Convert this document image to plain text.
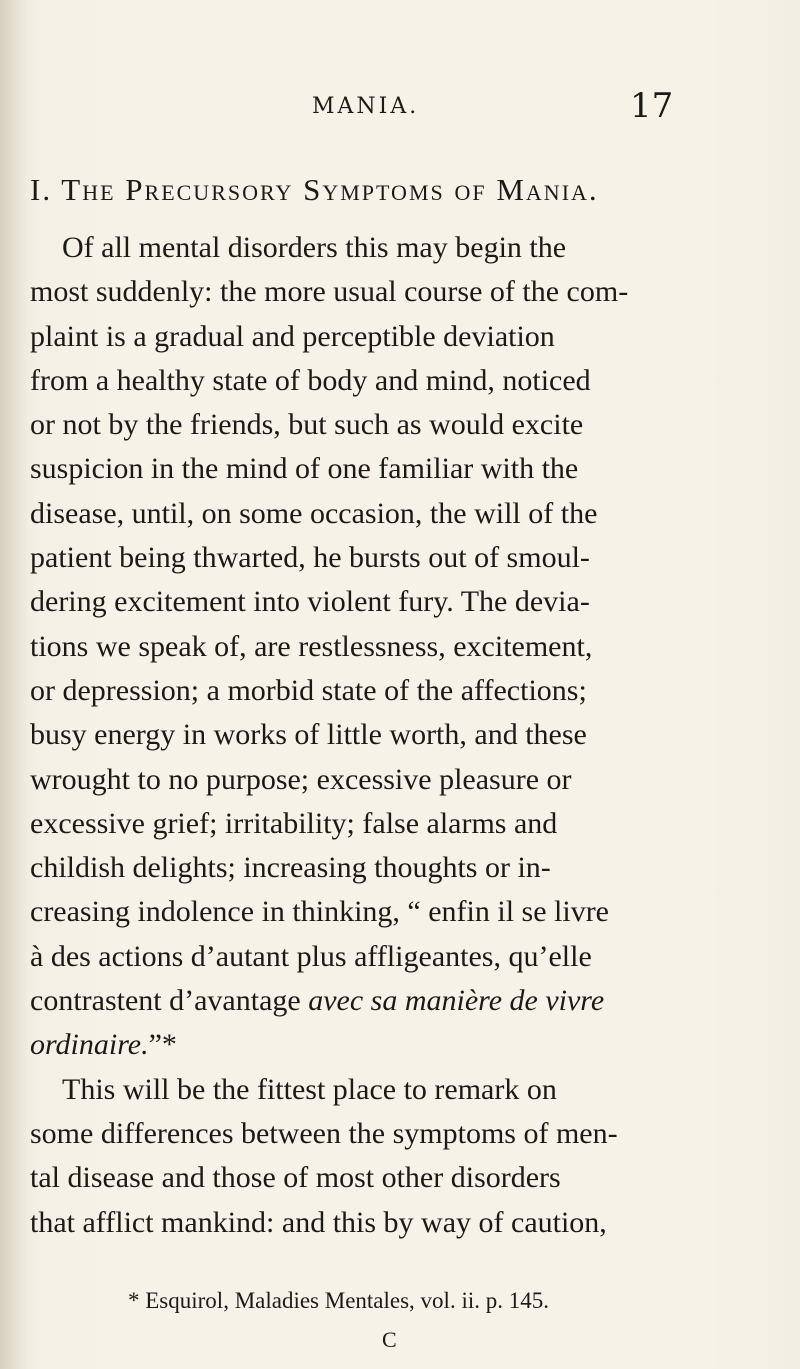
MANIA.	17
I. The Precursory Symptoms of Mania.
Of all mental disorders this may begin the
most suddenly: the more usual course of the com-
plaint is a gradual and perceptible deviation
from a healthy state of body and mind, noticed
or not by the friends, but such as would excite
suspicion in the mind of one familiar with the
disease, until, on some occasion, the will of the
patient being thwarted, he bursts out of smoul-
dering excitement into violent fury. The devia-
tions we speak of, are restlessness, excitement,
or depression; a morbid state of the affections;
busy energy in works of little worth, and these
wrought to no purpose; excessive pleasure or
excessive grief; irritability; false alarms and
childish delights; increasing thoughts or in-
creasing indolence in thinking, “ enfin il se livre
à des actions d’autant plus affligeantes, qu’elle
contrastent d’avantage avec sa manière de vivre
ordinaire.”*
This will be the fittest place to remark on
some differences between the symptoms of men-
tal disease and those of most other disorders
that afflict mankind: and this by way of caution,
* Esquirol, Maladies Mentales, vol. ii. p. 145.
C
